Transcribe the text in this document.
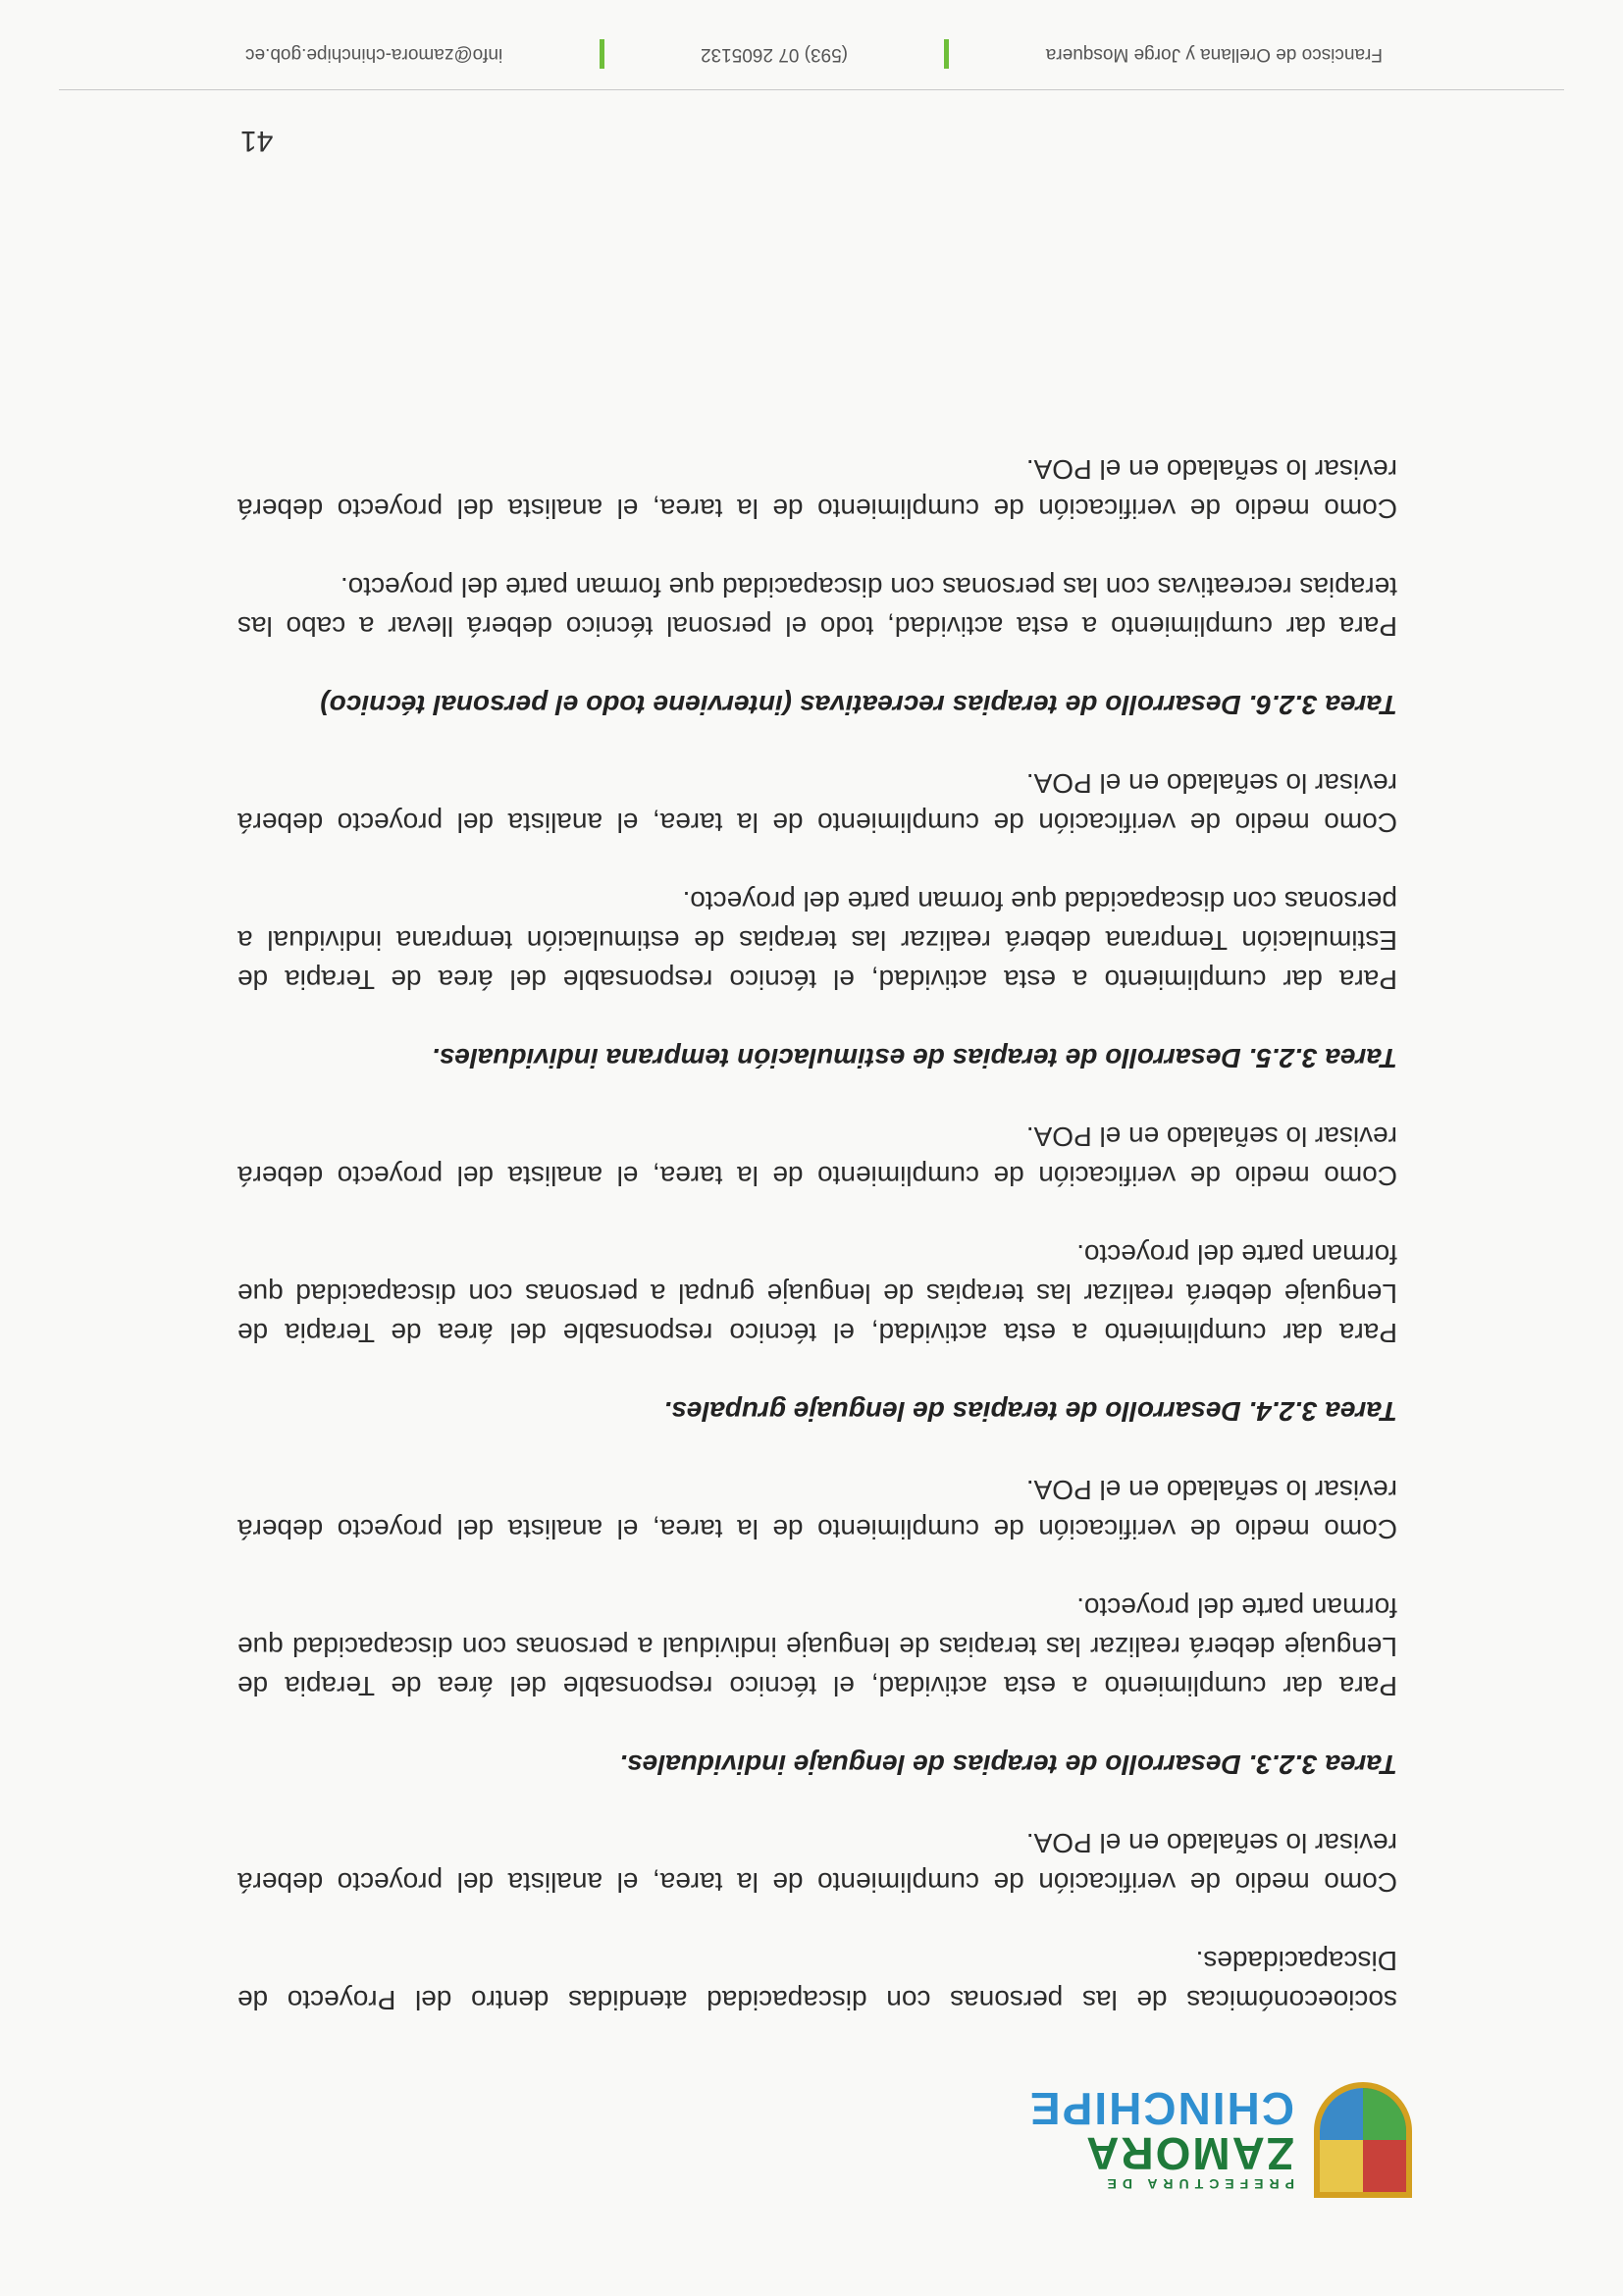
PREFECTURA DE
ZAMORA
CHINCHIPE

socioeconómicas de las personas con discapacidad atendidas dentro del Proyecto de Discapacidades.

Como medio de verificación de cumplimiento de la tarea, el analista del proyecto deberá revisar lo señalado en el POA.

Tarea 3.2.3. Desarrollo de terapias de lenguaje individuales.

Para dar cumplimiento a esta actividad, el técnico responsable del área de Terapia de Lenguaje deberá realizar las terapias de lenguaje individual a personas con discapacidad que forman parte del proyecto.

Como medio de verificación de cumplimiento de la tarea, el analista del proyecto deberá revisar lo señalado en el POA.

Tarea 3.2.4. Desarrollo de terapias de lenguaje grupales.

Para dar cumplimiento a esta actividad, el técnico responsable del área de Terapia de Lenguaje deberá realizar las terapias de lenguaje grupal a personas con discapacidad que forman parte del proyecto.

Como medio de verificación de cumplimiento de la tarea, el analista del proyecto deberá revisar lo señalado en el POA.

Tarea 3.2.5. Desarrollo de terapias de estimulación temprana individuales.

Para dar cumplimiento a esta actividad, el técnico responsable del área de Terapia de Estimulación Temprana deberá realizar las terapias de estimulación temprana individual a personas con discapacidad que forman parte del proyecto.

Como medio de verificación de cumplimiento de la tarea, el analista del proyecto deberá revisar lo señalado en el POA.

Tarea 3.2.6. Desarrollo de terapias recreativas (interviene todo el personal técnico)

Para dar cumplimiento a esta actividad, todo el personal técnico deberá llevar a cabo las terapias recreativas con las personas con discapacidad que forman parte del proyecto.

Como medio de verificación de cumplimiento de la tarea, el analista del proyecto deberá revisar lo señalado en el POA.

41
Francisco de Orellana y Jorge Mosquera
(593) 07 2605132
info@zamora-chinchipe.gob.ec
